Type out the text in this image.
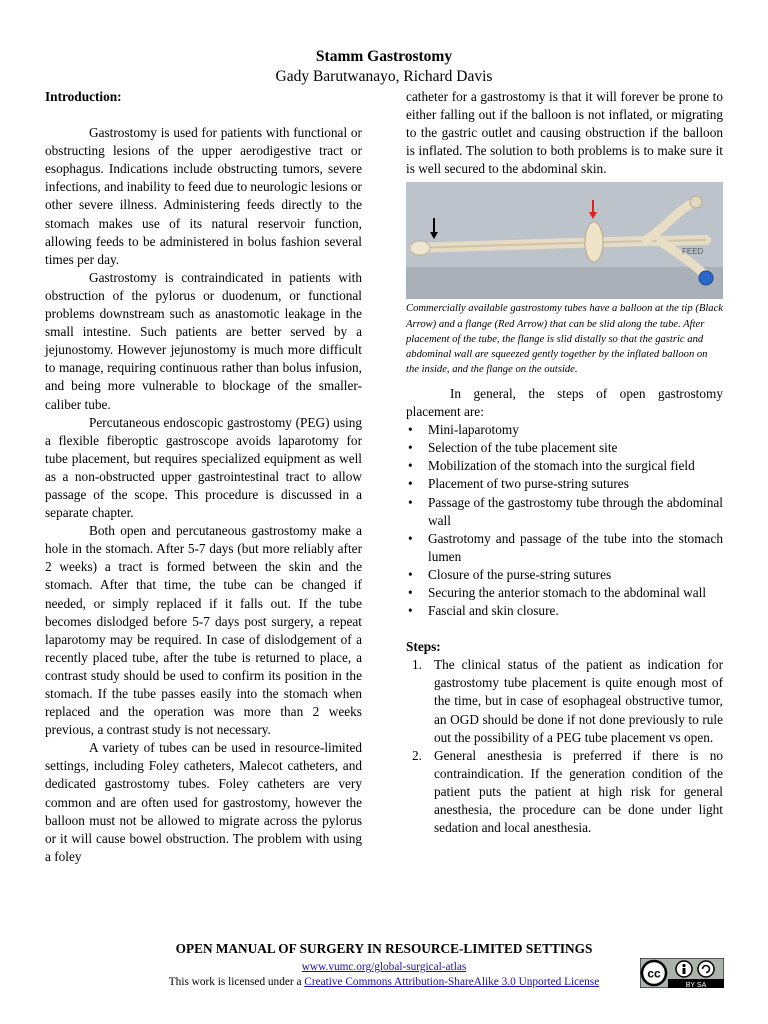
Stamm Gastrostomy
Gady Barutwanayo, Richard Davis

Introduction:

Gastrostomy is used for patients with functional or obstructing lesions of the upper aerodigestive tract or esophagus. Indications include obstructing tumors, severe infections, and inability to feed due to neurologic lesions or other severe illness. Administering feeds directly to the stomach makes use of its natural reservoir function, allowing feeds to be administered in bolus fashion several times per day.

Gastrostomy is contraindicated in patients with obstruction of the pylorus or duodenum, or functional problems downstream such as anastomotic leakage in the small intestine. Such patients are better served by a jejunostomy. However jejunostomy is much more difficult to manage, requiring continuous rather than bolus infusion, and being more vulnerable to blockage of the smaller-caliber tube.

Percutaneous endoscopic gastrostomy (PEG) using a flexible fiberoptic gastroscope avoids laparotomy for tube placement, but requires specialized equipment as well as a non-obstructed upper gastrointestinal tract to allow passage of the scope. This procedure is discussed in a separate chapter.

Both open and percutaneous gastrostomy make a hole in the stomach. After 5-7 days (but more reliably after 2 weeks) a tract is formed between the skin and the stomach. After that time, the tube can be changed if needed, or simply replaced if it falls out. If the tube becomes dislodged before 5-7 days post surgery, a repeat laparotomy may be required. In case of dislodgement of a recently placed tube, after the tube is returned to place, a contrast study should be used to confirm its position in the stomach. If the tube passes easily into the stomach when replaced and the operation was more than 2 weeks previous, a contrast study is not necessary.

A variety of tubes can be used in resource-limited settings, including Foley catheters, Malecot catheters, and dedicated gastrostomy tubes. Foley catheters are very common and are often used for gastrostomy, however the balloon must not be allowed to migrate across the pylorus or it will cause bowel obstruction. The problem with using a foley

catheter for a gastrostomy is that it will forever be prone to either falling out if the balloon is not inflated, or migrating to the gastric outlet and causing obstruction if the balloon is inflated. The solution to both problems is to make sure it is well secured to the abdominal skin.

FEED

Commercially available gastrostomy tubes have a balloon at the tip (Black Arrow) and a flange (Red Arrow) that can be slid along the tube. After placement of the tube, the flange is slid distally so that the gastric and abdominal wall are squeezed gently together by the inflated balloon on the inside, and the flange on the outside.

In general, the steps of open gastrostomy placement are:

• Mini-laparotomy
• Selection of the tube placement site
• Mobilization of the stomach into the surgical field
• Placement of two purse-string sutures
• Passage of the gastrostomy tube through the abdominal wall
• Gastrotomy and passage of the tube into the stomach lumen
• Closure of the purse-string sutures
• Securing the anterior stomach to the abdominal wall
• Fascial and skin closure.

Steps:

1. The clinical status of the patient as indication for gastrostomy tube placement is quite enough most of the time, but in case of esophageal obstructive tumor, an OGD should be done if not done previously to rule out the possibility of a PEG tube placement vs open.
2. General anesthesia is preferred if there is no contraindication. If the generation condition of the patient puts the patient at high risk for general anesthesia, the procedure can be done under light sedation and local anesthesia.
OPEN MANUAL OF SURGERY IN RESOURCE-LIMITED SETTINGS
www.vumc.org/global-surgical-atlas
This work is licensed under a Creative Commons Attribution-ShareAlike 3.0 Unported License
cc
BY SA
